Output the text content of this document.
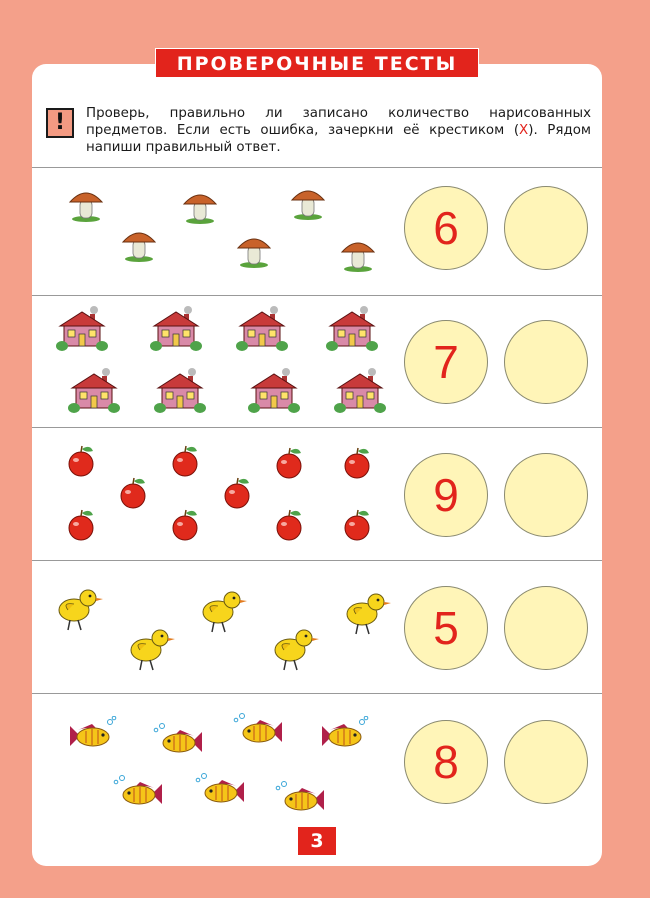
ПРОВЕРОЧНЫЕ ТЕСТЫ
!	Проверь, правильно ли записано количество нарисованных предметов. Если есть ошибка, зачеркни её крестиком (X). Рядом напиши правильный ответ.
6
7
9
5
8
3
